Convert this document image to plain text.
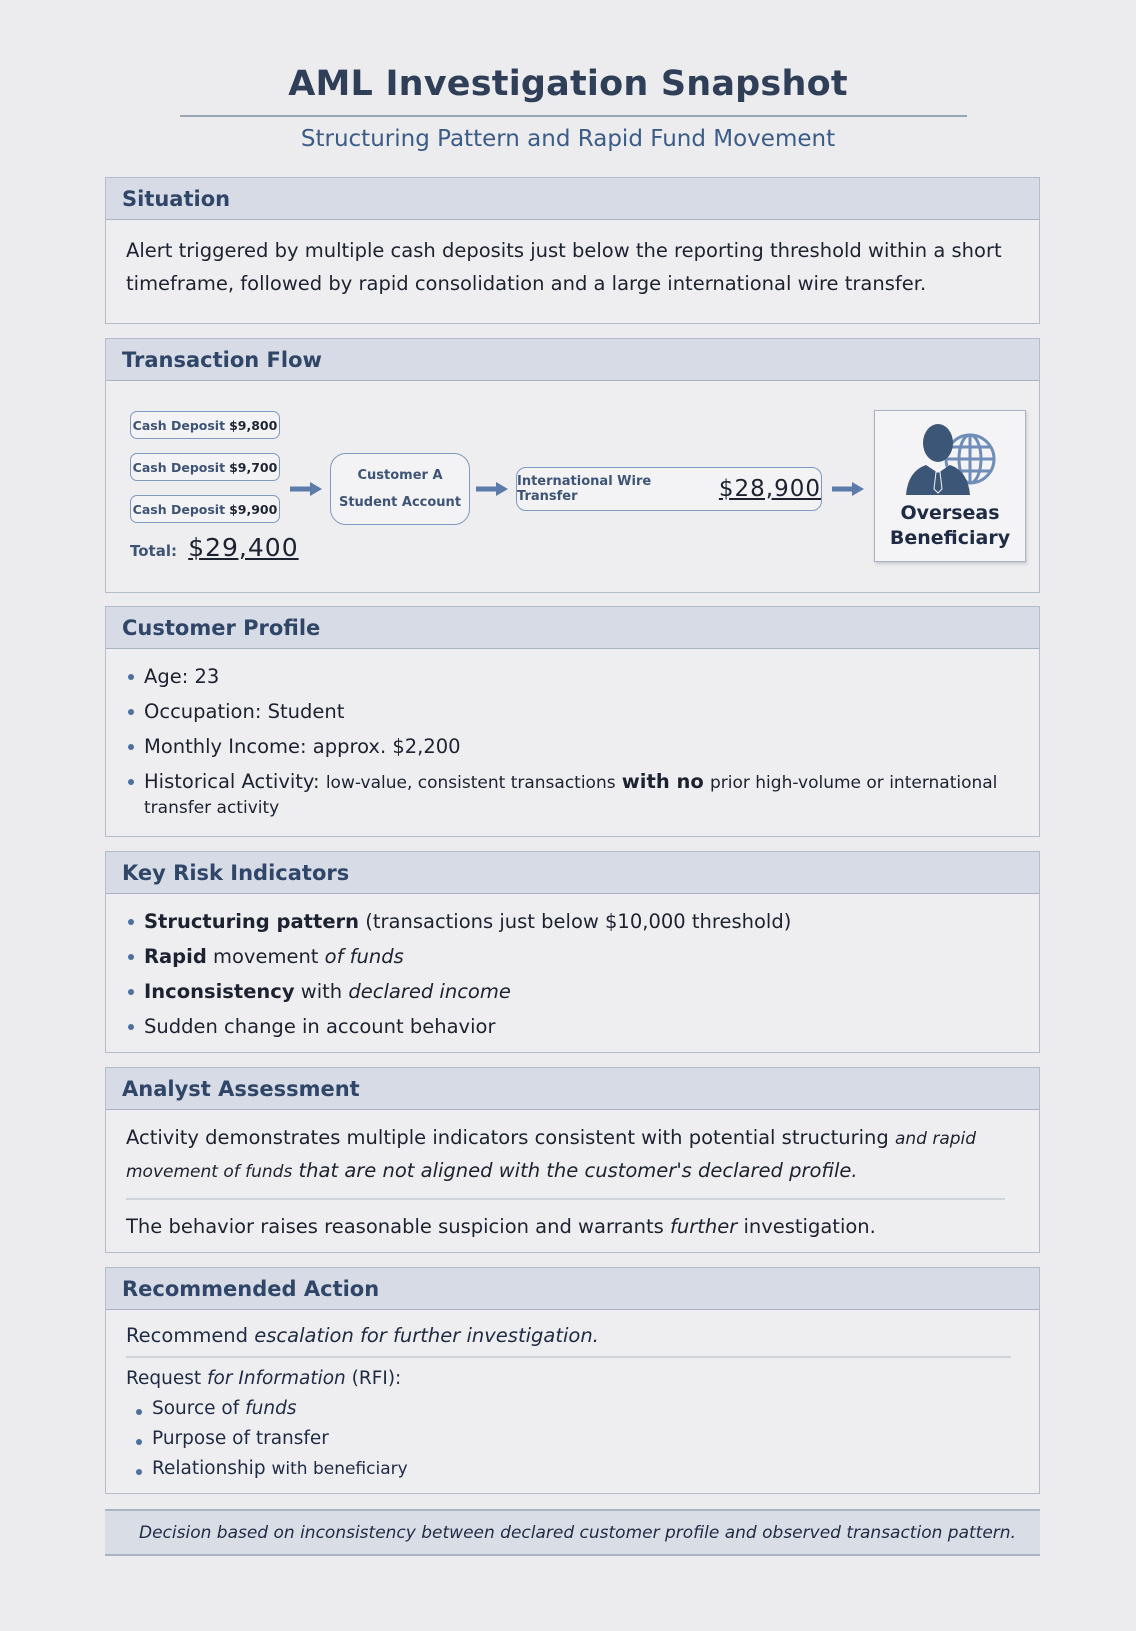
AML Investigation Snapshot
Structuring Pattern and Rapid Fund Movement
Situation
Alert triggered by multiple cash deposits just below the reporting threshold within a short timeframe, followed by rapid consolidation and a large international wire transfer.
Transaction Flow
Cash Deposit $9,800
Cash Deposit $9,700
Cash Deposit $9,900
Total: $29,400
Customer A
Student Account
International Wire Transfer	$28,900
Overseas
Beneficiary
Customer Profile
Age: 23
Occupation: Student
Monthly Income: approx. $2,200
Historical Activity: low-value, consistent transactions with no prior high-volume or international transfer activity
Key Risk Indicators
Structuring pattern (transactions just below $10,000 threshold)
Rapid movement of funds
Inconsistency with declared income
Sudden change in account behavior
Analyst Assessment
Activity demonstrates multiple indicators consistent with potential structuring and rapid movement of funds that are not aligned with the customer's declared profile.
The behavior raises reasonable suspicion and warrants further investigation.
Recommended Action
Recommend escalation for further investigation.
Request for Information (RFI):
Source of funds
Purpose of transfer
Relationship with beneficiary
Decision based on inconsistency between declared customer profile and observed transaction pattern.
